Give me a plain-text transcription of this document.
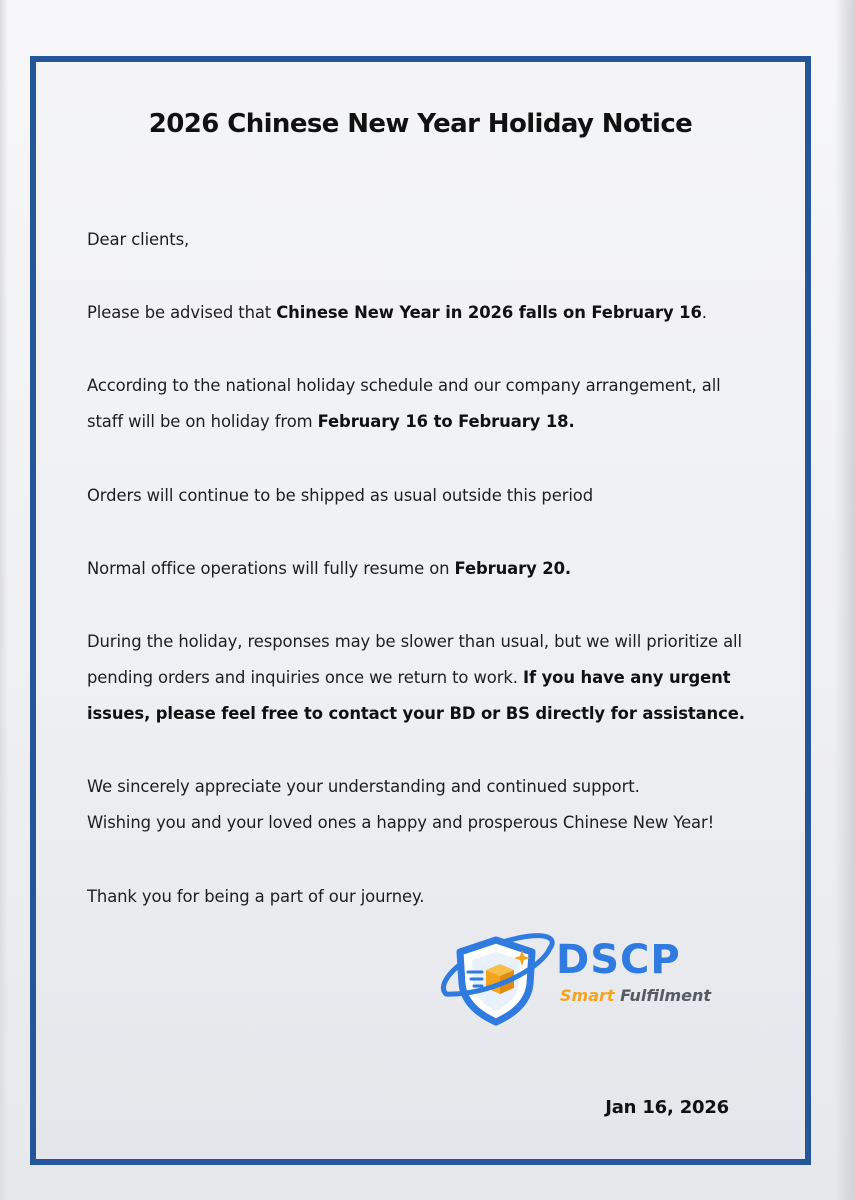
2026 Chinese New Year Holiday Notice

Dear clients,

Please be advised that Chinese New Year in 2026 falls on February 16.

According to the national holiday schedule and our company arrangement, all
staff will be on holiday from February 16 to February 18.

Orders will continue to be shipped as usual outside this period

Normal office operations will fully resume on February 20.

During the holiday, responses may be slower than usual, but we will prioritize all
pending orders and inquiries once we return to work. If you have any urgent
issues, please feel free to contact your BD or BS directly for assistance.

We sincerely appreciate your understanding and continued support.
Wishing you and your loved ones a happy and prosperous Chinese New Year!

Thank you for being a part of our journey.

DSCP
Smart Fulfilment
Jan 16, 2026
